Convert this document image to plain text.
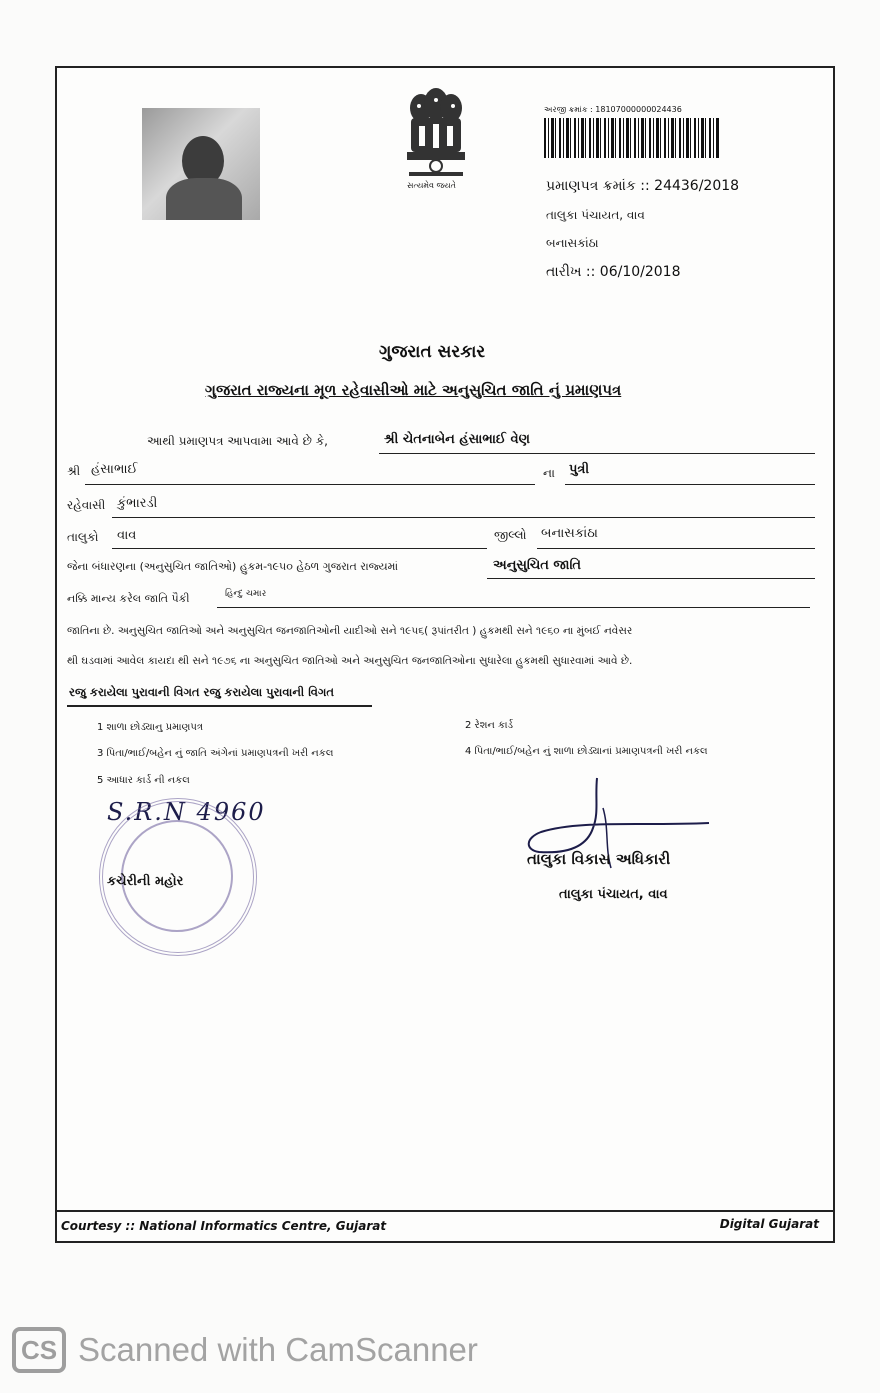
સત્યમેવ જયતે
અરજી ક્રમાંક : 18107000000024436
પ્રમાણપત્ર ક્રમાંક :: 24436/2018
તાલુકા પંચાયત, વાવ
બનાસકાંઠા
તારીખ :: 06/10/2018
ગુજરાત સરકાર
ગુજરાત રાજ્યના મૂળ રહેવાસીઓ માટે અનુસુચિત જાતિ નું પ્રમાણપત્ર
આથી પ્રમાણપત્ર આપવામા આવે છે કે,	શ્રી ચેતનાબેન હંસાભાઈ વેણ
શ્રી હંસાભાઈ	ના પુત્રી
રહેવાસી કુંભારડી
તાલુકો વાવ	જીલ્લો બનાસકાંઠા
જેના બંધારણના (અનુસુચિત જાતિઓ) હુકમ-૧૯૫૦ હેઠળ ગુજરાત રાજ્યમાં	અનુસુચિત જાતિ
નક્કિ માન્ય કરેલ જાતિ પૈકી	હિન્દુ ચમાર
જાતિના છે. અનુસુચિત જાતિઓ અને અનુસુચિત જનજાતિઓની યાદીઓ સને ૧૯૫૬( રૂપાંતરીત ) હુકમથી સને ૧૯૬૦ ના મુંબઈ નવેસર
થી ઘડવામાં આવેલ કાયદા થી સને ૧૯૭૬ ના અનુસુચિત જાતિઓ અને અનુસુચિત જનજાતિઓના સુધારેલા હુકમથી સુધારવામાં આવે છે.
રજુ કરાયેલા પુરાવાની વિગત રજુ કરાયેલા પુરાવાની વિગત
1 શાળા છોડ્યાનુ પ્રમાણપત્ર	2 રેશન કાર્ડ
3 પિતા/ભાઈ/બહેન નું જાતિ અંગેનાં પ્રમાણપત્રની ખરી નકલ	4 પિતા/ભાઈ/બહેન નું શાળા છોડ્યાનાં પ્રમાણપત્રની ખરી નકલ
5 આધાર કાર્ડ ની નકલ
S.R.N 4960
કચેરીની મહોર
તાલુકા વિકાસ અધિકારી
તાલુકા પંચાયત, વાવ
Courtesy :: National Informatics Centre, Gujarat	Digital Gujarat
CS Scanned with CamScanner
